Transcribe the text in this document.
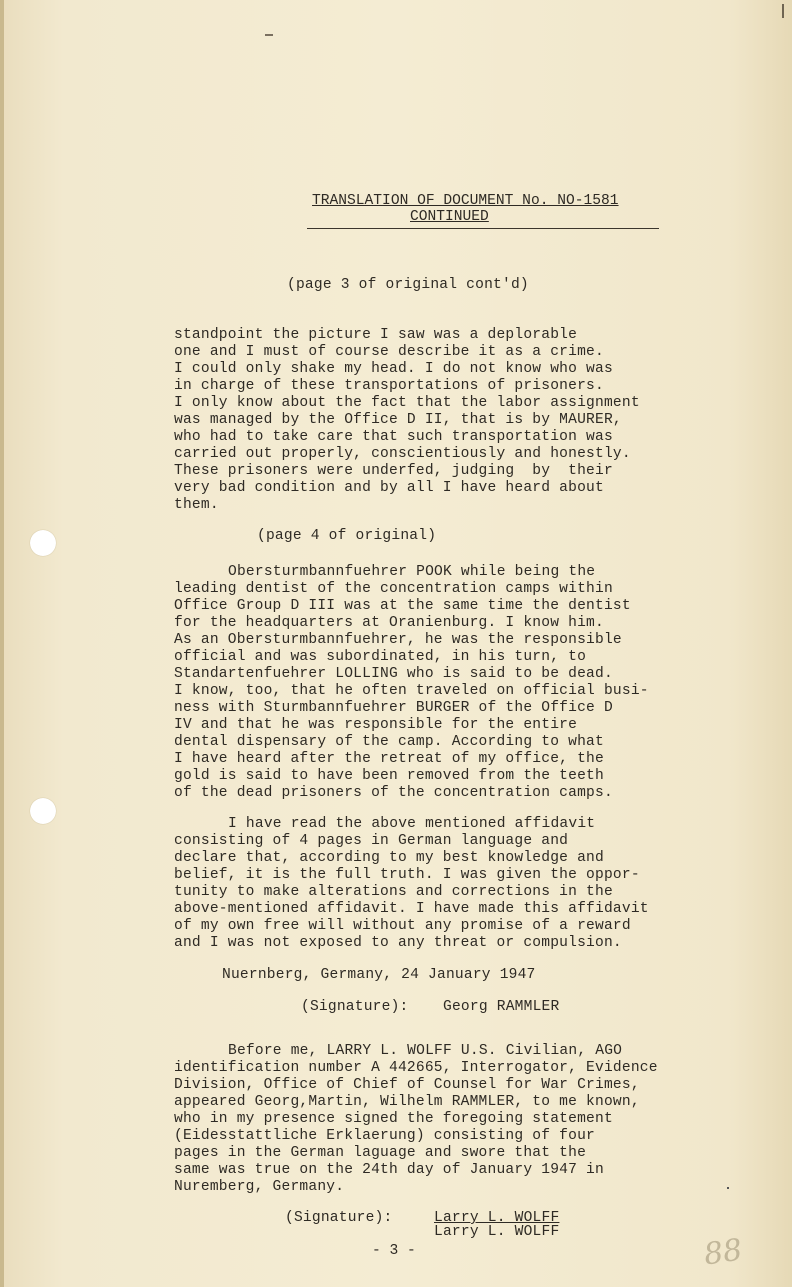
TRANSLATION OF DOCUMENT No. NO-1581
CONTINUED
(page 3 of original cont'd)
standpoint the picture I saw was a deplorable
one and I must of course describe it as a crime.
I could only shake my head. I do not know who was
in charge of these transportations of prisoners.
I only know about the fact that the labor assignment
was managed by the Office D II, that is by MAURER,
who had to take care that such transportation was
carried out properly, conscientiously and honestly.
These prisoners were underfed, judging  by  their
very bad condition and by all I have heard about
them.
(page 4 of original)
Obersturmbannfuehrer POOK while being the
leading dentist of the concentration camps within
Office Group D III was at the same time the dentist
for the headquarters at Oranienburg. I know him.
As an Obersturmbannfuehrer, he was the responsible
official and was subordinated, in his turn, to
Standartenfuehrer LOLLING who is said to be dead.
I know, too, that he often traveled on official busi-
ness with Sturmbannfuehrer BURGER of the Office D
IV and that he was responsible for the entire
dental dispensary of the camp. According to what
I have heard after the retreat of my office, the
gold is said to have been removed from the teeth
of the dead prisoners of the concentration camps.
I have read the above mentioned affidavit
consisting of 4 pages in German language and
declare that, according to my best knowledge and
belief, it is the full truth. I was given the oppor-
tunity to make alterations and corrections in the
above-mentioned affidavit. I have made this affidavit
of my own free will without any promise of a reward
and I was not exposed to any threat or compulsion.
Nuernberg, Germany, 24 January 1947
(Signature): Georg RAMMLER
Before me, LARRY L. WOLFF U.S. Civilian, AGO
identification number A 442665, Interrogator, Evidence
Division, Office of Chief of Counsel for War Crimes,
appeared Georg,Martin, Wilhelm RAMMLER, to me known,
who in my presence signed the foregoing statement
(Eidesstattliche Erklaerung) consisting of four
pages in the German laguage and swore that the
same was true on the 24th day of January 1947 in
Nuremberg, Germany.
(Signature):	Larry L. WOLFF
Larry L. WOLFF
- 3 -	88
